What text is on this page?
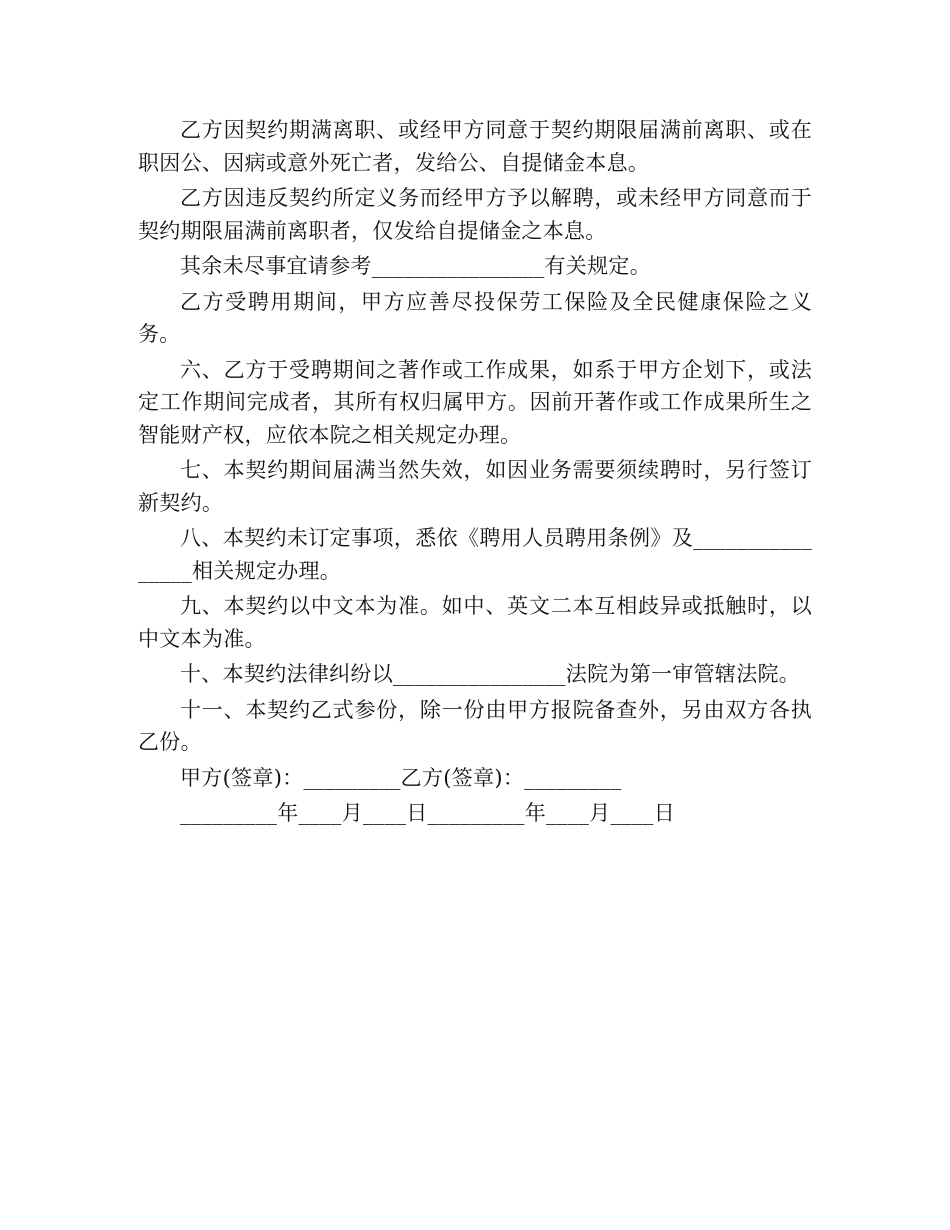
乙方因契约期满离职、或经甲方同意于契约期限届满前离职、或在职因公、因病或意外死亡者，发给公、自提储金本息。

乙方因违反契约所定义务而经甲方予以解聘，或未经甲方同意而于契约期限届满前离职者，仅发给自提储金之本息。

其余未尽事宜请参考________________有关规定。

乙方受聘用期间，甲方应善尽投保劳工保险及全民健康保险之义务。

六、乙方于受聘期间之著作或工作成果，如系于甲方企划下，或法定工作期间完成者，其所有权归属甲方。因前开著作或工作成果所生之智能财产权，应依本院之相关规定办理。

七、本契约期间届满当然失效，如因业务需要须续聘时，另行签订新契约。

八、本契约未订定事项，悉依《聘用人员聘用条例》及________________相关规定办理。

九、本契约以中文本为准。如中、英文二本互相歧异或抵触时，以中文本为准。

十、本契约法律纠纷以________________法院为第一审管辖法院。

十一、本契约乙式参份，除一份由甲方报院备查外，另由双方各执乙份。

甲方(签章)：_________乙方(签章)：_________

_________年____月____日_________年____月____日
